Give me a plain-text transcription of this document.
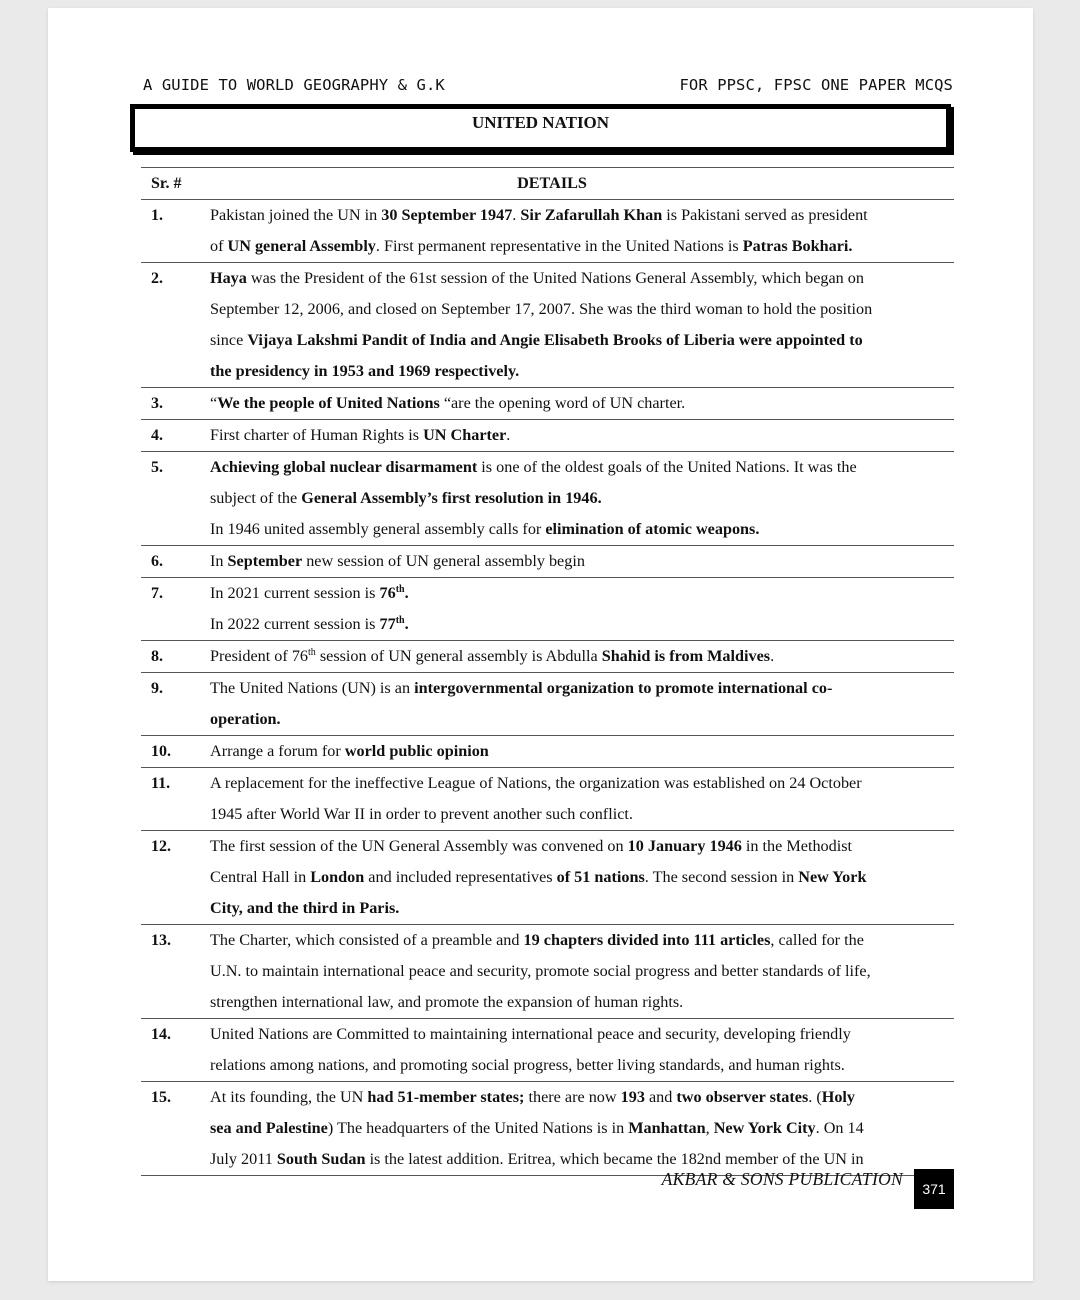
A GUIDE TO WORLD GEOGRAPHY & G.K	FOR PPSC, FPSC ONE PAPER MCQS
UNITED NATION
Sr. #	DETAILS
1.	Pakistan joined the UN in 30 September 1947. Sir Zafarullah Khan is Pakistani served as president
of UN general Assembly. First permanent representative in the United Nations is Patras Bokhari.
2.	Haya was the President of the 61st session of the United Nations General Assembly, which began on
September 12, 2006, and closed on September 17, 2007. She was the third woman to hold the position
since Vijaya Lakshmi Pandit of India and Angie Elisabeth Brooks of Liberia were appointed to
the presidency in 1953 and 1969 respectively.
3.	“We the people of United Nations “are the opening word of UN charter.
4.	First charter of Human Rights is UN Charter.
5.	Achieving global nuclear disarmament is one of the oldest goals of the United Nations. It was the
subject of the General Assembly’s first resolution in 1946.
In 1946 united assembly general assembly calls for elimination of atomic weapons.
6.	In September new session of UN general assembly begin
7.	In 2021 current session is 76th.
In 2022 current session is 77th.
8.	President of 76th session of UN general assembly is Abdulla Shahid is from Maldives.
9.	The United Nations (UN) is an intergovernmental organization to promote international co-
operation.
10.	Arrange a forum for world public opinion
11.	A replacement for the ineffective League of Nations, the organization was established on 24 October
1945 after World War II in order to prevent another such conflict.
12.	The first session of the UN General Assembly was convened on 10 January 1946 in the Methodist
Central Hall in London and included representatives of 51 nations. The second session in New York
City, and the third in Paris.
13.	The Charter, which consisted of a preamble and 19 chapters divided into 111 articles, called for the
U.N. to maintain international peace and security, promote social progress and better standards of life,
strengthen international law, and promote the expansion of human rights.
14.	United Nations are Committed to maintaining international peace and security, developing friendly
relations among nations, and promoting social progress, better living standards, and human rights.
15.	At its founding, the UN had 51-member states; there are now 193 and two observer states. (Holy
sea and Palestine) The headquarters of the United Nations is in Manhattan, New York City. On 14
July 2011 South Sudan is the latest addition. Eritrea, which became the 182nd member of the UN in
AKBAR & SONS PUBLICATION	371
